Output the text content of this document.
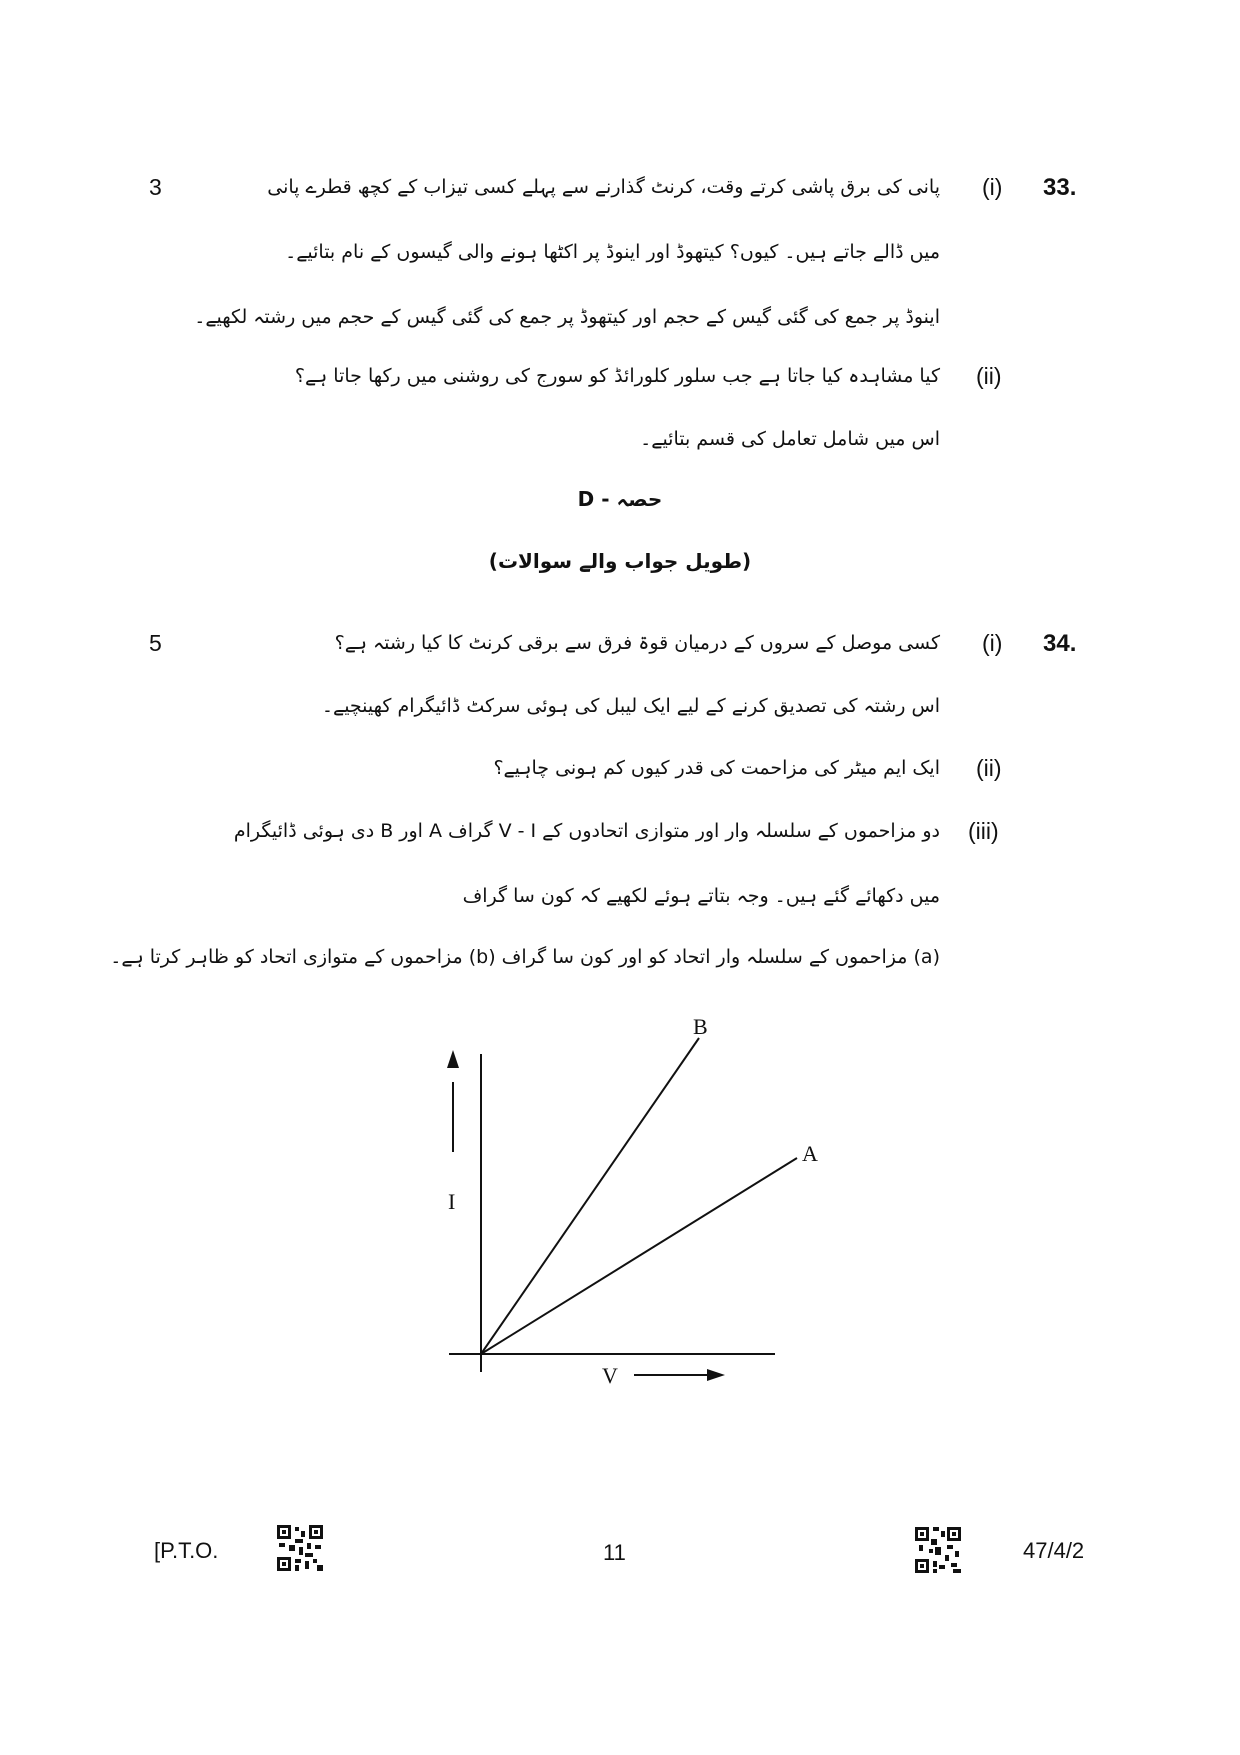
33.
(i)
3	پانی کی برق پاشی کرتے وقت، کرنٹ گذارنے سے پہلے کسی تیزاب کے کچھ قطرے پانی
میں ڈالے جاتے ہیں۔ کیوں؟ کیتھوڈ اور اینوڈ پر اکٹھا ہونے والی گیسوں کے نام بتائیے۔
اینوڈ پر جمع کی گئی گیس کے حجم اور کیتھوڈ پر جمع کی گئی گیس کے حجم میں رشتہ لکھیے۔
(ii)
کیا مشاہدہ کیا جاتا ہے جب سلور کلورائڈ کو سورج کی روشنی میں رکھا جاتا ہے؟
اس میں شامل تعامل کی قسم بتائیے۔
حصہ - D
(طویل جواب والے سوالات)
34.
(i)
5	کسی موصل کے سروں کے درمیان قوۃ فرق سے برقی کرنٹ کا کیا رشتہ ہے؟
اس رشتہ کی تصدیق کرنے کے لیے ایک لیبل کی ہوئی سرکٹ ڈائیگرام کھینچیے۔
(ii)
ایک ایم میٹر کی مزاحمت کی قدر کیوں کم ہونی چاہیے؟
(iii)
دو مزاحموں کے سلسلہ وار اور متوازی اتحادوں کے V - I گراف A اور B دی ہوئی ڈائیگرام
میں دکھائے گئے ہیں۔ وجہ بتاتے ہوئے لکھیے کہ کون سا گراف
(a) مزاحموں کے سلسلہ وار اتحاد کو اور کون سا گراف (b) مزاحموں کے متوازی اتحاد کو ظاہر کرتا ہے۔
B
A
I
V
[P.T.O.	11	47/4/2
